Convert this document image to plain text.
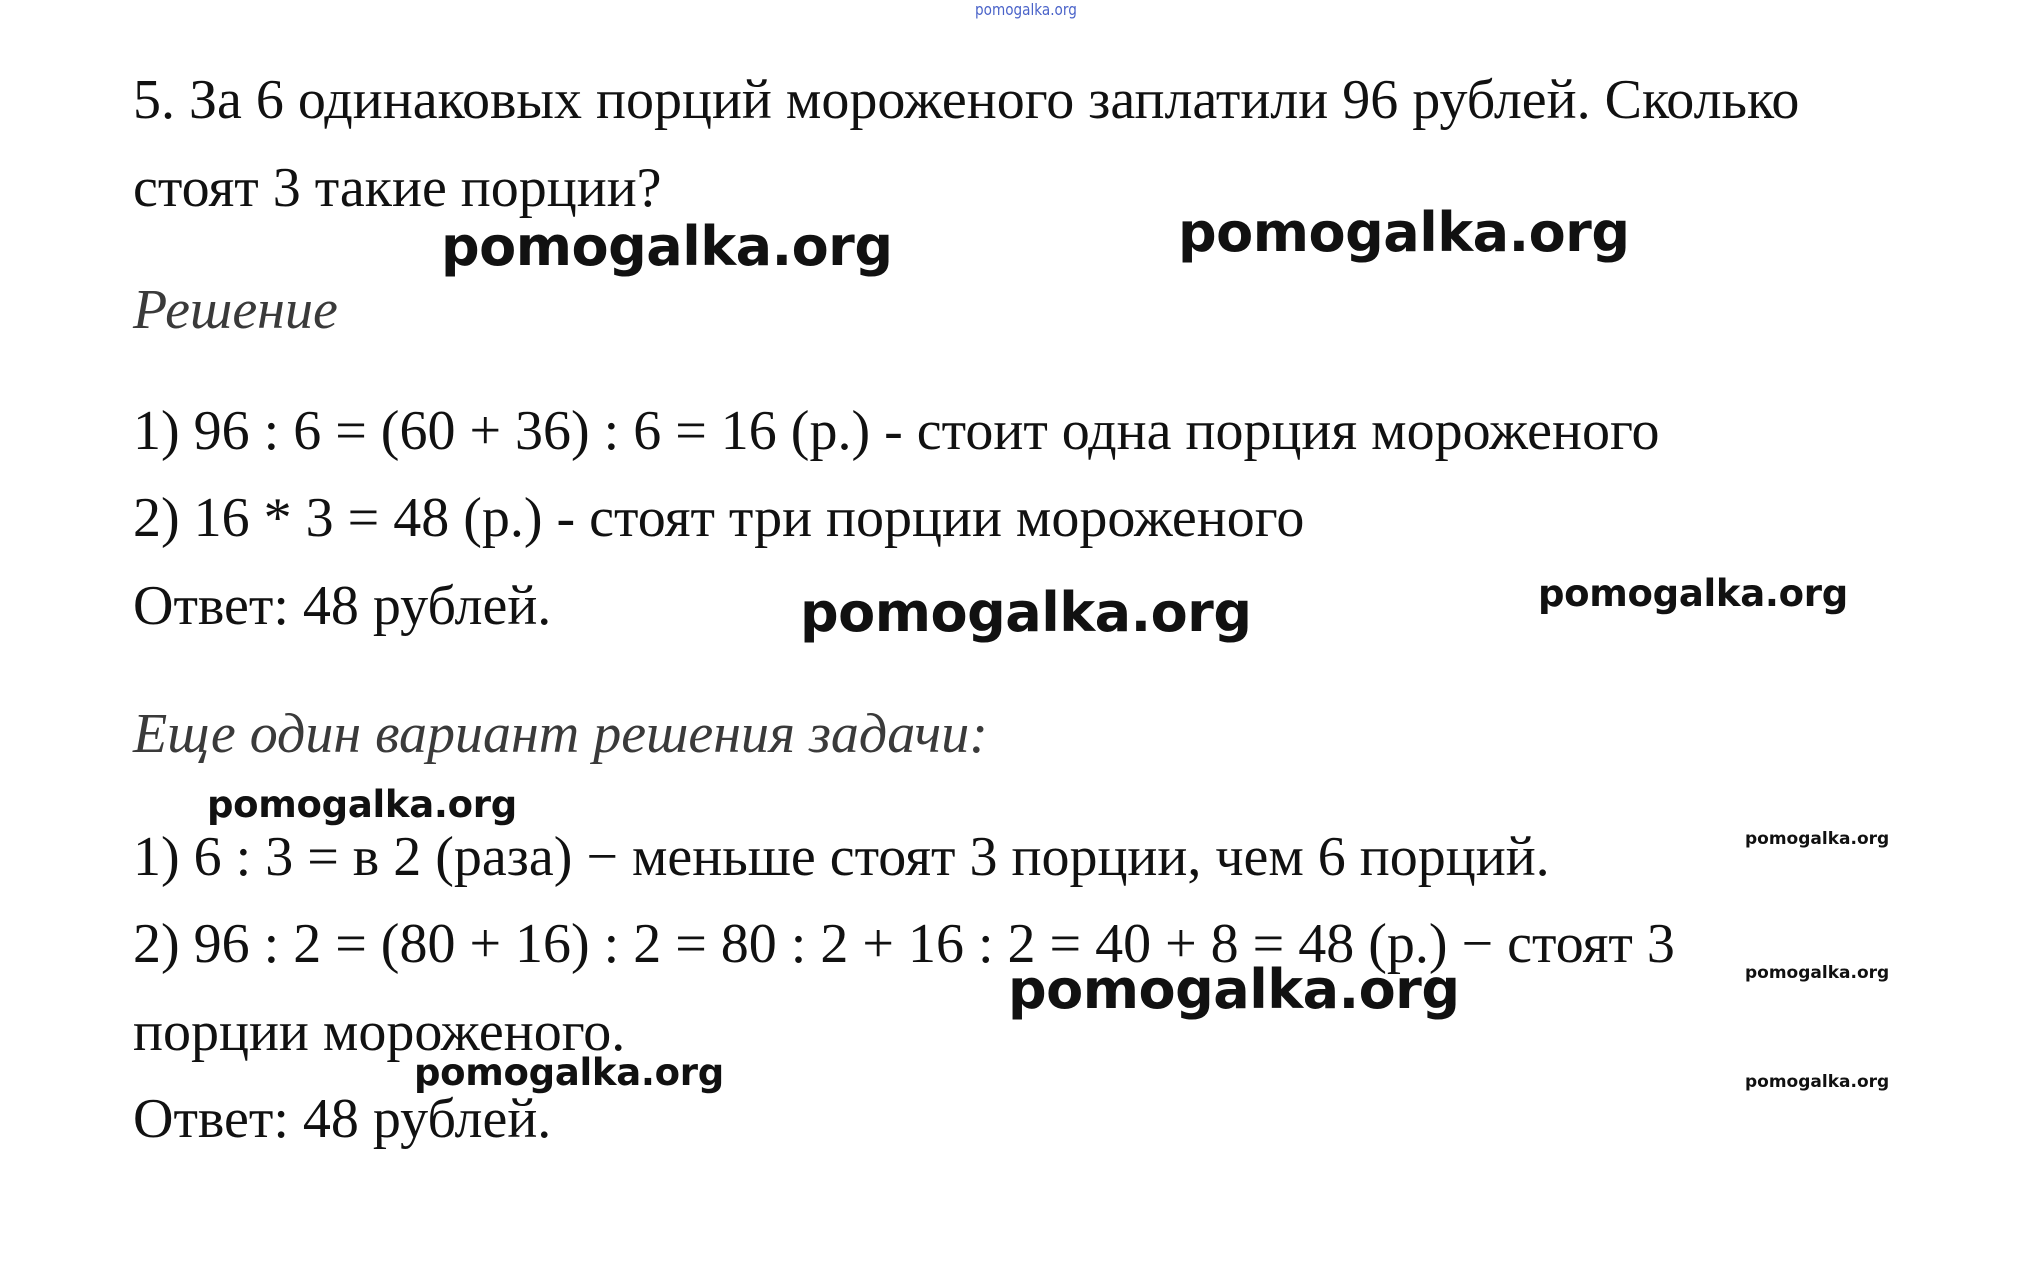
pomogalka.org
5. За 6 одинаковых порций мороженого заплатили 96 рублей. Сколько
стоят 3 такие порции?
Решение
1) 96 : 6 = (60 + 36) : 6 = 16 (р.) - стоит одна порция мороженого
2) 16 * 3 = 48 (р.) - стоят три порции мороженого
Ответ: 48 рублей.
Еще один вариант решения задачи:
1) 6 : 3 = в 2 (раза) − меньше стоят 3 порции, чем 6 порций.
2) 96 : 2 = (80 + 16) : 2 = 80 : 2 + 16 : 2 = 40 + 8 = 48 (р.) − стоят 3
порции мороженого.
Ответ: 48 рублей.
pomogalka.org	pomogalka.org
pomogalka.org	pomogalka.org
pomogalka.org
pomogalka.org
pomogalka.org	pomogalka.org
pomogalka.org	pomogalka.org
